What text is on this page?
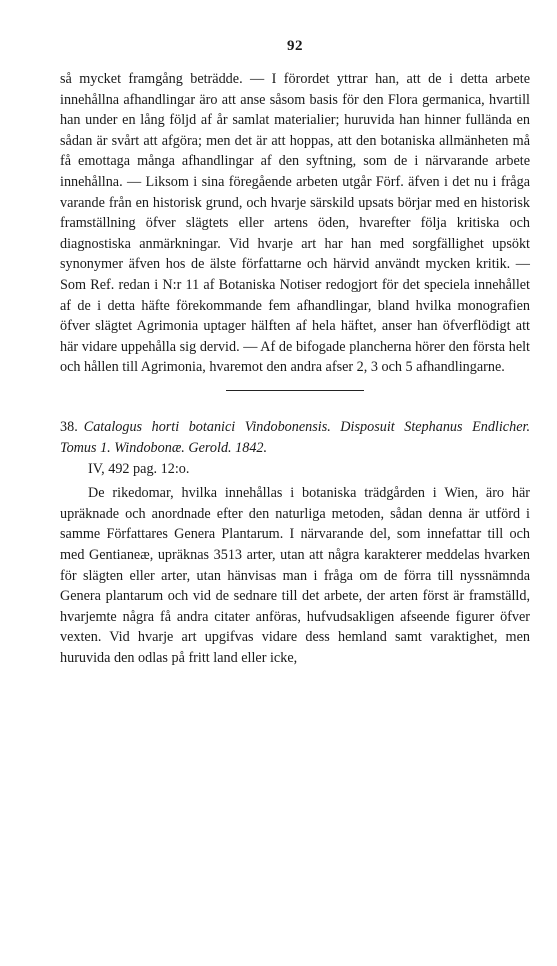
92

så mycket framgång beträdde. — I förordet yttrar han, att de i detta arbete innehållna afhandlingar äro att anse såsom basis för den Flora germanica, hvartill han under en lång följd af år samlat materialier; huruvida han hinner fullända en sådan är svårt att afgöra; men det är att hoppas, att den botaniska allmänheten må få emottaga många afhandlingar af den syftning, som de i närvarande arbete innehållna. — Liksom i sina föregående arbeten utgår Förf. äfven i det nu i fråga varande från en historisk grund, och hvarje särskild upsats börjar med en historisk framställning öfver slägtets eller artens öden, hvarefter följa kritiska och diagnostiska anmärkningar. Vid hvarje art har han med sorgfällighet upsökt synonymer äfven hos de älste författarne och härvid användt mycken kritik. — Som Ref. redan i N:r 11 af Botaniska Notiser redogjort för det speciela innehållet af de i detta häfte förekommande fem afhandlingar, bland hvilka monografien öfver slägtet Agrimonia uptager hälften af hela häftet, anser han öfverflödigt att här vidare uppehålla sig dervid. — Af de bifogade plancherna hörer den första helt och hållen till Agrimonia, hvaremot den andra afser 2, 3 och 5 afhandlingarne.

38. Catalogus horti botanici Vindobonensis. Disposuit Stephanus Endlicher. Tomus 1. Windobonæ. Gerold. 1842.
IV, 492 pag. 12:o.

De rikedomar, hvilka innehållas i botaniska trädgården i Wien, äro här upräknade och anordnade efter den naturliga metoden, sådan denna är utförd i samme Författares Genera Plantarum. I närvarande del, som innefattar till och med Gentianeæ, upräknas 3513 arter, utan att några karakterer meddelas hvarken för slägten eller arter, utan hänvisas man i fråga om de förra till nyssnämnda Genera plantarum och vid de sednare till det arbete, der arten först är framställd, hvarjemte några få andra citater anföras, hufvudsakligen afseende figurer öfver vexten. Vid hvarje art upgifvas vidare dess hemland samt varaktighet, men huruvida den odlas på fritt land eller icke,
